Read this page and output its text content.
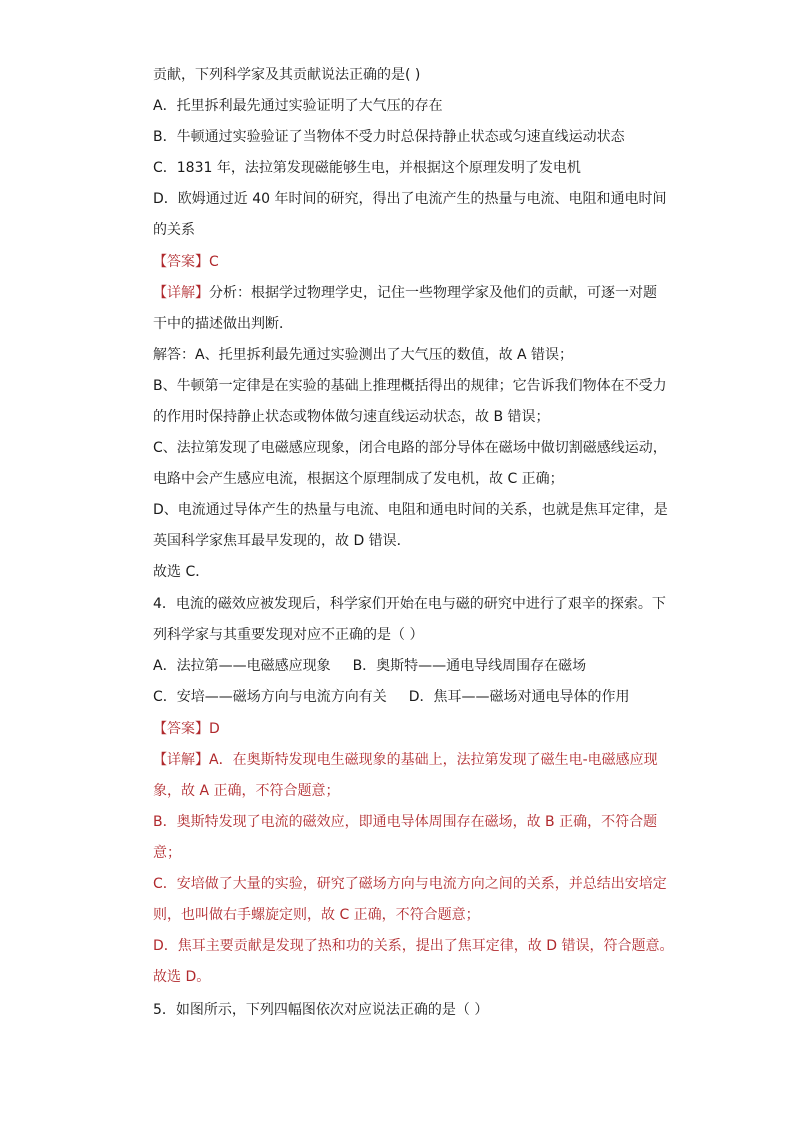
贡献，下列科学家及其贡献说法正确的是( )
A．托里拆利最先通过实验证明了大气压的存在
B．牛顿通过实验验证了当物体不受力时总保持静止状态或匀速直线运动状态
C．1831 年，法拉第发现磁能够生电，并根据这个原理发明了发电机
D．欧姆通过近 40 年时间的研究，得出了电流产生的热量与电流、电阻和通电时间
的关系
【答案】C
【详解】分析：根据学过物理学史，记住一些物理学家及他们的贡献，可逐一对题
干中的描述做出判断．
解答：A、托里拆利最先通过实验测出了大气压的数值，故 A 错误；
B、牛顿第一定律是在实验的基础上推理概括得出的规律；它告诉我们物体在不受力
的作用时保持静止状态或物体做匀速直线运动状态，故 B 错误；
C、法拉第发现了电磁感应现象，闭合电路的部分导体在磁场中做切割磁感线运动，
电路中会产生感应电流，根据这个原理制成了发电机，故 C 正确；
D、电流通过导体产生的热量与电流、电阻和通电时间的关系，也就是焦耳定律，是
英国科学家焦耳最早发现的，故 D 错误．
故选 C．
4．电流的磁效应被发现后，科学家们开始在电与磁的研究中进行了艰辛的探索。下
列科学家与其重要发现对应不正确的是（ ）
A．法拉第——电磁感应现象 B．奥斯特——通电导线周围存在磁场
C．安培——磁场方向与电流方向有关 D．焦耳——磁场对通电导体的作用
【答案】D
【详解】A．在奥斯特发现电生磁现象的基础上，法拉第发现了磁生电-电磁感应现
象，故 A 正确，不符合题意；
B．奥斯特发现了电流的磁效应，即通电导体周围存在磁场，故 B 正确，不符合题
意；
C．安培做了大量的实验，研究了磁场方向与电流方向之间的关系，并总结出安培定
则，也叫做右手螺旋定则，故 C 正确，不符合题意；
D．焦耳主要贡献是发现了热和功的关系，提出了焦耳定律，故 D 错误，符合题意。
故选 D。
5．如图所示，下列四幅图依次对应说法正确的是（ ）
